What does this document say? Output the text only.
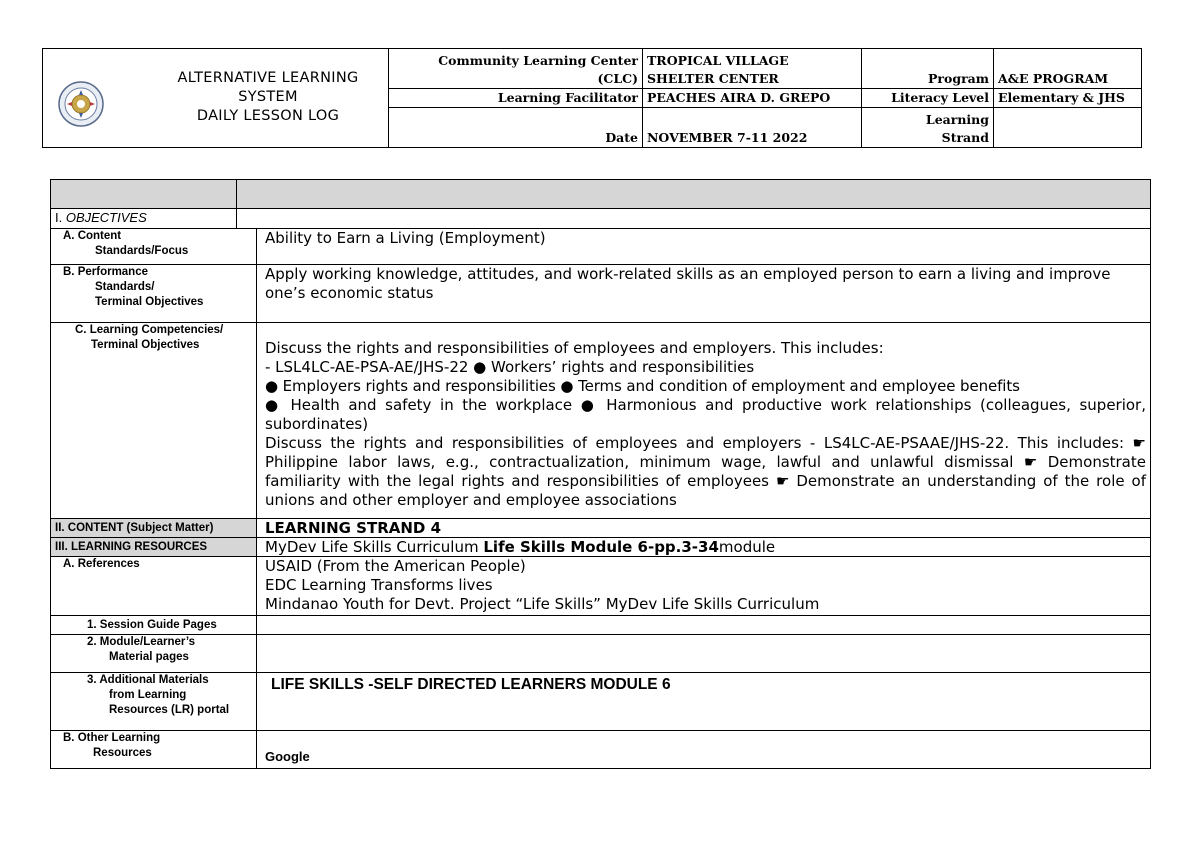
ALTERNATIVE LEARNING
SYSTEM
DAILY LESSON LOG	Community Learning Center
(CLC)	TROPICAL VILLAGE
SHELTER CENTER	Program	A&E PROGRAM
	Learning Facilitator	PEACHES AIRA D. GREPO	Literacy Level	Elementary & JHS
	Date	NOVEMBER 7-11 2022	Learning
Strand	

I. OBJECTIVES		

A. Content
Standards/Focus		Ability to Earn a Living (Employment)

B. Performance
Standards/
Terminal Objectives		Apply working knowledge, attitudes, and work-related skills as an employed person to earn a living and improve one’s economic status

C. Learning Competencies/
Terminal Objectives		Discuss the rights and responsibilities of employees and employers. This includes:
- LSL4LC-AE-PSA-AE/JHS-22 ● Workers’ rights and responsibilities
● Employers rights and responsibilities ● Terms and condition of employment and employee benefits
● Health and safety in the workplace ● Harmonious and productive work relationships (colleagues, superior, subordinates)
Discuss the rights and responsibilities of employees and employers - LS4LC-AE-PSAAE/JHS-22. This includes: ☛ Philippine labor laws, e.g., contractualization, minimum wage, lawful and unlawful dismissal ☛ Demonstrate familiarity with the legal rights and responsibilities of employees ☛ Demonstrate an understanding of the role of unions and other employer and employee associations

II. CONTENT (Subject Matter)		LEARNING STRAND 4
III. LEARNING RESOURCES		MyDev Life Skills Curriculum Life Skills Module 6-pp.3-34module
A. References		USAID (From the American People)
EDC Learning Transforms lives
Mindanao Youth for Devt. Project “Life Skills” MyDev Life Skills Curriculum

1. Session Guide Pages		

2. Module/Learner’s
Material pages		

3. Additional Materials
from Learning
Resources (LR) portal		LIFE SKILLS -SELF DIRECTED LEARNERS MODULE 6

B. Other Learning
Resources		Google
